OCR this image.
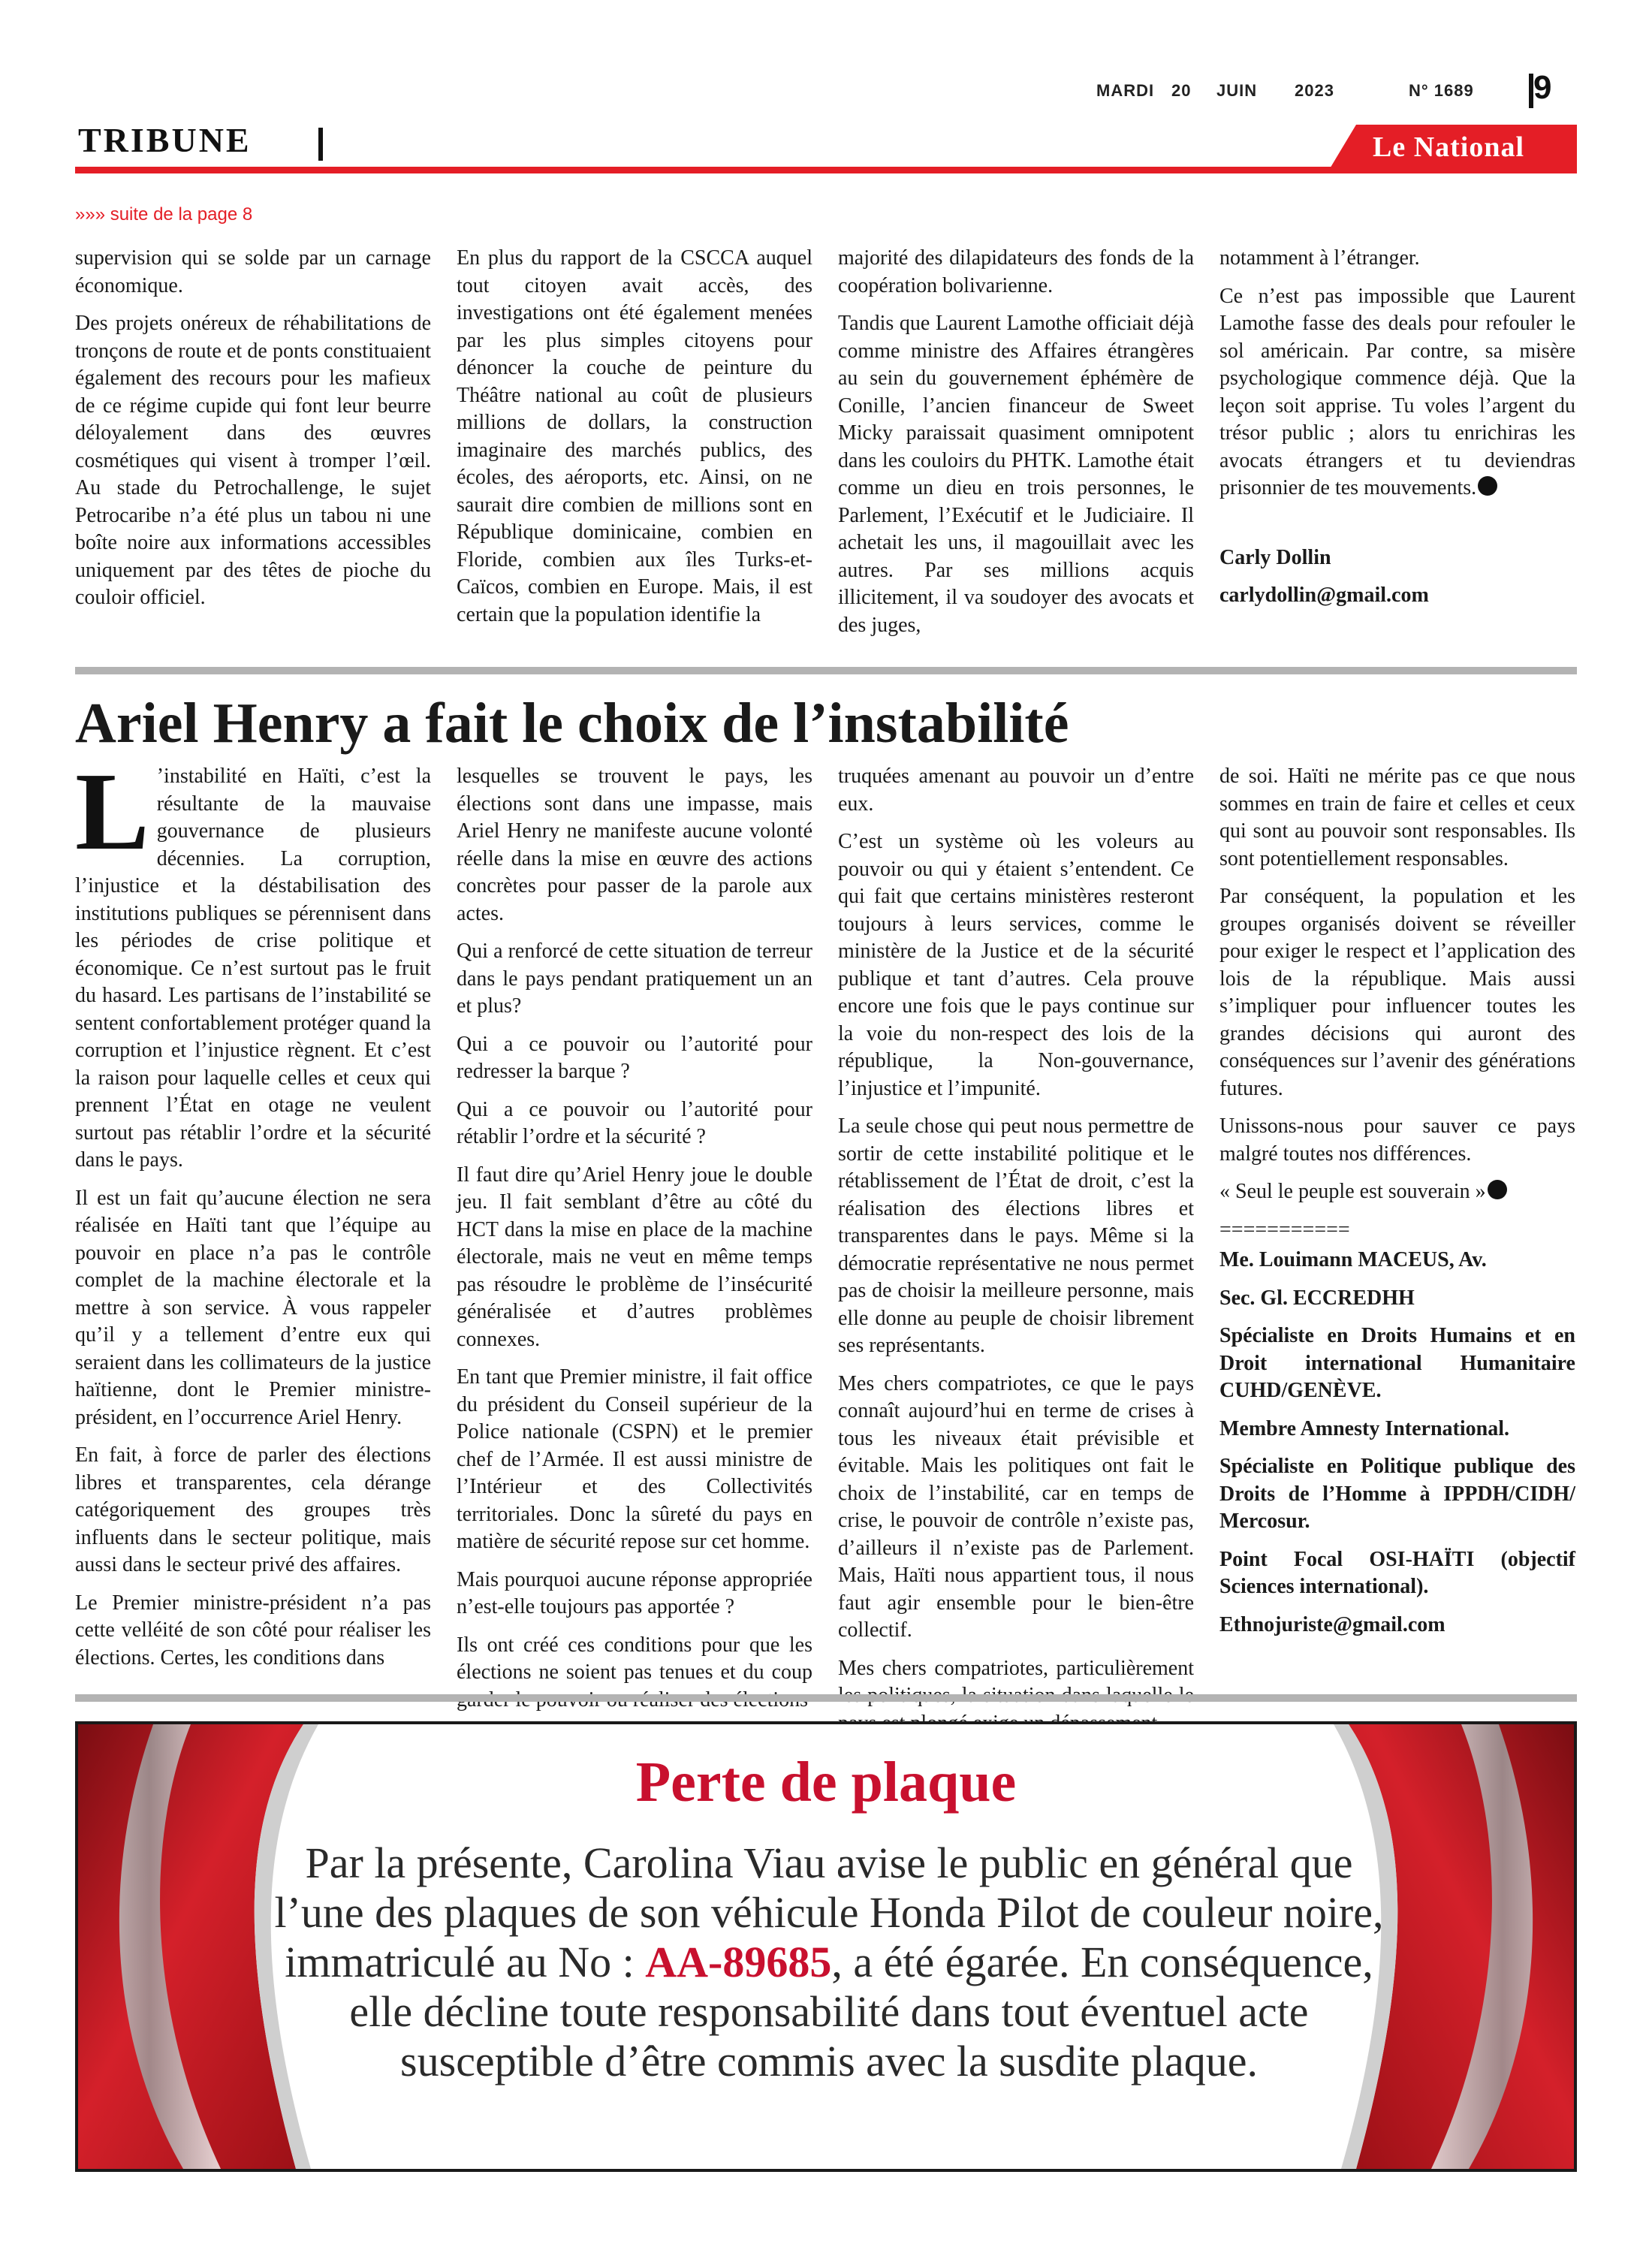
MARDI 20 JUIN 2023	N° 1689 9
TRIBUNE	Le National
»»» suite de la page 8

supervision qui se solde par un carnage économique.

Des projets onéreux de réhabilitations de tronçons de route et de ponts constituaient également des recours pour les mafieux de ce régime cupide qui font leur beurre déloyalement dans des œuvres cosmétiques qui visent à tromper l’œil. Au stade du Petrochallenge, le sujet Petrocaribe n’a été plus un tabou ni une boîte noire aux informations accessibles uniquement par des têtes de pioche du couloir officiel.

En plus du rapport de la CSCCA auquel tout citoyen avait accès, des investigations ont été également menées par les plus simples citoyens pour dénoncer la couche de peinture du Théâtre national au coût de plusieurs millions de dollars, la construction imaginaire des marchés publics, des écoles, des aéroports, etc. Ainsi, on ne saurait dire combien de millions sont en République dominicaine, combien en Floride, combien aux îles Turks-et-Caïcos, combien en Europe. Mais, il est certain que la population identifie la

majorité des dilapidateurs des fonds de la coopération bolivarienne.

Tandis que Laurent Lamothe officiait déjà comme ministre des Affaires étrangères au sein du gouvernement éphémère de Conille, l’ancien financeur de Sweet Micky paraissait quasiment omnipotent dans les couloirs du PHTK. Lamothe était comme un dieu en trois personnes, le Parlement, l’Exécutif et le Judiciaire. Il achetait les uns, il magouillait avec les autres. Par ses millions acquis illicitement, il va soudoyer des avocats et des juges,

notamment à l’étranger.

Ce n’est pas impossible que Laurent Lamothe fasse des deals pour refouler le sol américain. Par contre, sa misère psychologique commence déjà. Que la leçon soit apprise. Tu voles l’argent du trésor public ; alors tu enrichiras les avocats étrangers et tu deviendras prisonnier de tes mouvements.

Carly Dollin

carlydollin@gmail.com

Ariel Henry a fait le choix de l’instabilité

L ’instabilité en Haïti, c’est la résultante de la mauvaise gouvernance de plusieurs décennies. La corruption, l’injustice et la déstabilisation des institutions publiques se pérennisent dans les périodes de crise politique et économique. Ce n’est surtout pas le fruit du hasard. Les partisans de l’instabilité se sentent confortablement protéger quand la corruption et l’injustice règnent. Et c’est la raison pour laquelle celles et ceux qui prennent l’État en otage ne veulent surtout pas rétablir l’ordre et la sécurité dans le pays.

Il est un fait qu’aucune élection ne sera réalisée en Haïti tant que l’équipe au pouvoir en place n’a pas le contrôle complet de la machine électorale et la mettre à son service. À vous rappeler qu’il y a tellement d’entre eux qui seraient dans les collimateurs de la justice haïtienne, dont le Premier ministre-président, en l’occurrence Ariel Henry.

En fait, à force de parler des élections libres et transparentes, cela dérange catégoriquement des groupes très influents dans le secteur politique, mais aussi dans le secteur privé des affaires.

Le Premier ministre-président n’a pas cette velléité de son côté pour réaliser les élections. Certes, les conditions dans

lesquelles se trouvent le pays, les élections sont dans une impasse, mais Ariel Henry ne manifeste aucune volonté réelle dans la mise en œuvre des actions concrètes pour passer de la parole aux actes.

Qui a renforcé de cette situation de terreur dans le pays pendant pratiquement un an et plus?

Qui a ce pouvoir ou l’autorité pour redresser la barque ?

Qui a ce pouvoir ou l’autorité pour rétablir l’ordre et la sécurité ?

Il faut dire qu’Ariel Henry joue le double jeu. Il fait semblant d’être au côté du HCT dans la mise en place de la machine électorale, mais ne veut en même temps pas résoudre le problème de l’insécurité généralisée et d’autres problèmes connexes.

En tant que Premier ministre, il fait office du président du Conseil supérieur de la Police nationale (CSPN) et le premier chef de l’Armée. Il est aussi ministre de l’Intérieur et des Collectivités territoriales. Donc la sûreté du pays en matière de sécurité repose sur cet homme.

Mais pourquoi aucune réponse appropriée n’est-elle toujours pas apportée ?

Ils ont créé ces conditions pour que les élections ne soient pas tenues et du coup

truquées amenant au pouvoir un d’entre eux.

C’est un système où les voleurs au pouvoir ou qui y étaient s’entendent. Ce qui fait que certains ministères resteront toujours à leurs services, comme le ministère de la Justice et de la sécurité publique et tant d’autres. Cela prouve encore une fois que le pays continue sur la voie du non-respect des lois de la république, la Non-gouvernance, l’injustice et l’impunité.

La seule chose qui peut nous permettre de sortir de cette instabilité politique et le rétablissement de l’État de droit, c’est la réalisation des élections libres et transparentes dans le pays. Même si la démocratie représentative ne nous permet pas de choisir la meilleure personne, mais elle donne au peuple de choisir librement ses représentants.

Mes chers compatriotes, ce que le pays connaît aujourd’hui en terme de crises à tous les niveaux était prévisible et évitable. Mais les politiques ont fait le choix de l’instabilité, car en temps de crise, le pouvoir de contrôle n’existe pas, d’ailleurs il n’existe pas de Parlement. Mais, Haïti nous appartient tous, il nous faut agir ensemble pour le bien-être collectif.

Mes chers compatriotes, particulièrement

de soi. Haïti ne mérite pas ce que nous sommes en train de faire et celles et ceux qui sont au pouvoir sont responsables. Ils sont potentiellement responsables.

Par conséquent, la population et les groupes organisés doivent se réveiller pour exiger le respect et l’application des lois de la république. Mais aussi s’impliquer pour influencer toutes les grandes décisions qui auront des conséquences sur l’avenir des générations futures.

Unissons-nous pour sauver ce pays malgré toutes nos différences.

« Seul le peuple est souverain »

===========

Me. Louimann MACEUS, Av.

Sec. Gl. ECCREDHH

Spécialiste en Droits Humains et en Droit international Humanitaire CUHD/GENÈVE.

Membre Amnesty International.

Spécialiste en Politique publique des Droits de l’Homme à IPPDH/CIDH/ Mercosur.

Point Focal OSI-HAÏTI (objectif Sciences international).

Ethnojuriste@gmail.com

Perte de plaque
Par la présente, Carolina Viau avise le public en général que l’une des plaques de son véhicule Honda Pilot de couleur noire, immatriculé au No : AA-89685, a été égarée. En conséquence, elle décline toute responsabilité dans tout éventuel acte susceptible d’être commis avec la susdite plaque.
